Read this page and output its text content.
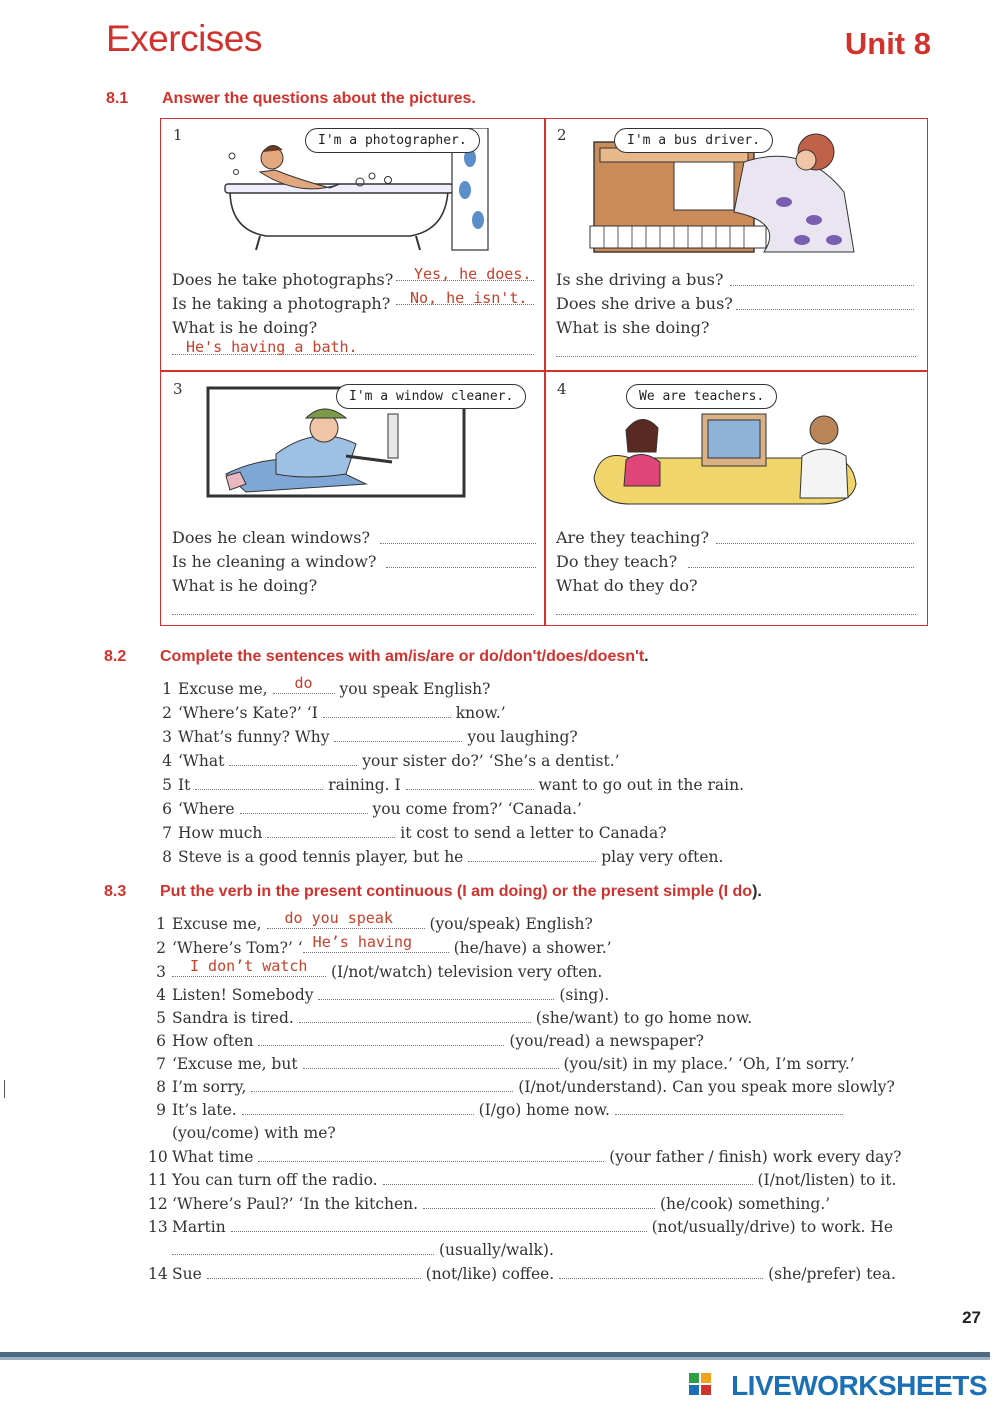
Exercises	Unit 8
8.1 Answer the questions about the pictures.
1	I'm a photographer.
Does he take photographs? Yes, he does.
Is he taking a photograph? No, he isn't.
What is he doing?
He's having a bath.
2	I'm a bus driver.
Is she driving a bus?
Does she drive a bus?
What is she doing?
3	I'm a window cleaner.
Does he clean windows?
Is he cleaning a window?
What is he doing?
4	We are teachers.
Are they teaching?
Do they teach?
What do they do?
8.2 Complete the sentences with am/is/are or do/don't/does/doesn't.
1 Excuse me, do you speak English?
2 ‘Where’s Kate?’ ‘I	know.’
3 What’s funny? Why	you laughing?
4 ‘What	your sister do?’ ‘She’s a dentist.’
5 It	raining. I	want to go out in the rain.
6 ‘Where	you come from?’ ‘Canada.’
7 How much	it cost to send a letter to Canada?
8 Steve is a good tennis player, but he	play very often.
8.3 Put the verb in the present continuous (I am doing) or the present simple (I do).
1 Excuse me, do you speak (you/speak) English?
2 ‘Where’s Tom?’ ‘ He’s having	(he/have) a shower.’
3 I don’t watch (I/not/watch) television very often.
4 Listen! Somebody	(sing).
5 Sandra is tired.	(she/want) to go home now.
6 How often	(you/read) a newspaper?
7 ‘Excuse me, but	(you/sit) in my place.’ ‘Oh, I’m sorry.’
8 I’m sorry,	(I/not/understand). Can you speak more slowly?
9 It’s late.	(I/go) home now.
(you/come) with me?
10 What time	(your father / finish) work every day?
11 You can turn off the radio.	(I/not/listen) to it.
12 ‘Where’s Paul?’ ‘In the kitchen.	(he/cook) something.’
13 Martin	(not/usually/drive) to work. He
(usually/walk).
14 Sue	(not/like) coffee.	(she/prefer) tea.
27
LIVEWORKSHEETS
